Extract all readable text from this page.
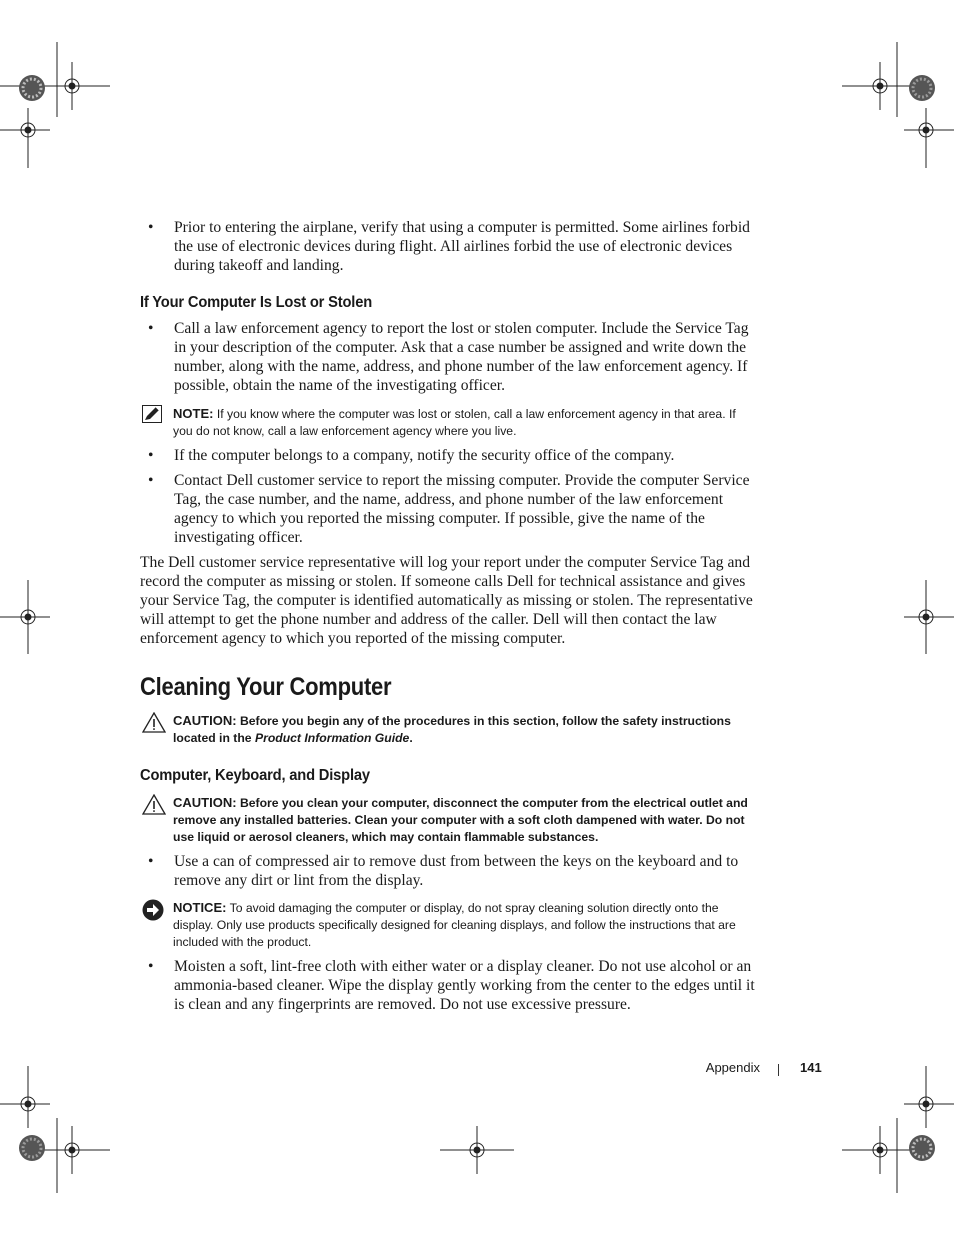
• Prior to entering the airplane, verify that using a computer is permitted. Some airlines forbid the use of electronic devices during flight. All airlines forbid the use of electronic devices during takeoff and landing.
If Your Computer Is Lost or Stolen
• Call a law enforcement agency to report the lost or stolen computer. Include the Service Tag in your description of the computer. Ask that a case number be assigned and write down the number, along with the name, address, and phone number of the law enforcement agency. If possible, obtain the name of the investigating officer.
NOTE: If you know where the computer was lost or stolen, call a law enforcement agency in that area. If you do not know, call a law enforcement agency where you live.
• If the computer belongs to a company, notify the security office of the company.
• Contact Dell customer service to report the missing computer. Provide the computer Service Tag, the case number, and the name, address, and phone number of the law enforcement agency to which you reported the missing computer. If possible, give the name of the investigating officer.

The Dell customer service representative will log your report under the computer Service Tag and record the computer as missing or stolen. If someone calls Dell for technical assistance and gives your Service Tag, the computer is identified automatically as missing or stolen. The representative will attempt to get the phone number and address of the caller. Dell will then contact the law enforcement agency to which you reported of the missing computer.

Cleaning Your Computer
CAUTION: Before you begin any of the procedures in this section, follow the safety instructions located in the Product Information Guide.
Computer, Keyboard, and Display
CAUTION: Before you clean your computer, disconnect the computer from the electrical outlet and remove any installed batteries. Clean your computer with a soft cloth dampened with water. Do not use liquid or aerosol cleaners, which may contain flammable substances.
• Use a can of compressed air to remove dust from between the keys on the keyboard and to remove any dirt or lint from the display.
NOTICE: To avoid damaging the computer or display, do not spray cleaning solution directly onto the display. Only use products specifically designed for cleaning displays, and follow the instructions that are included with the product.
• Moisten a soft, lint-free cloth with either water or a display cleaner. Do not use alcohol or an ammonia-based cleaner. Wipe the display gently working from the center to the edges until it is clean and any fingerprints are removed. Do not use excessive pressure.
Appendix	141
